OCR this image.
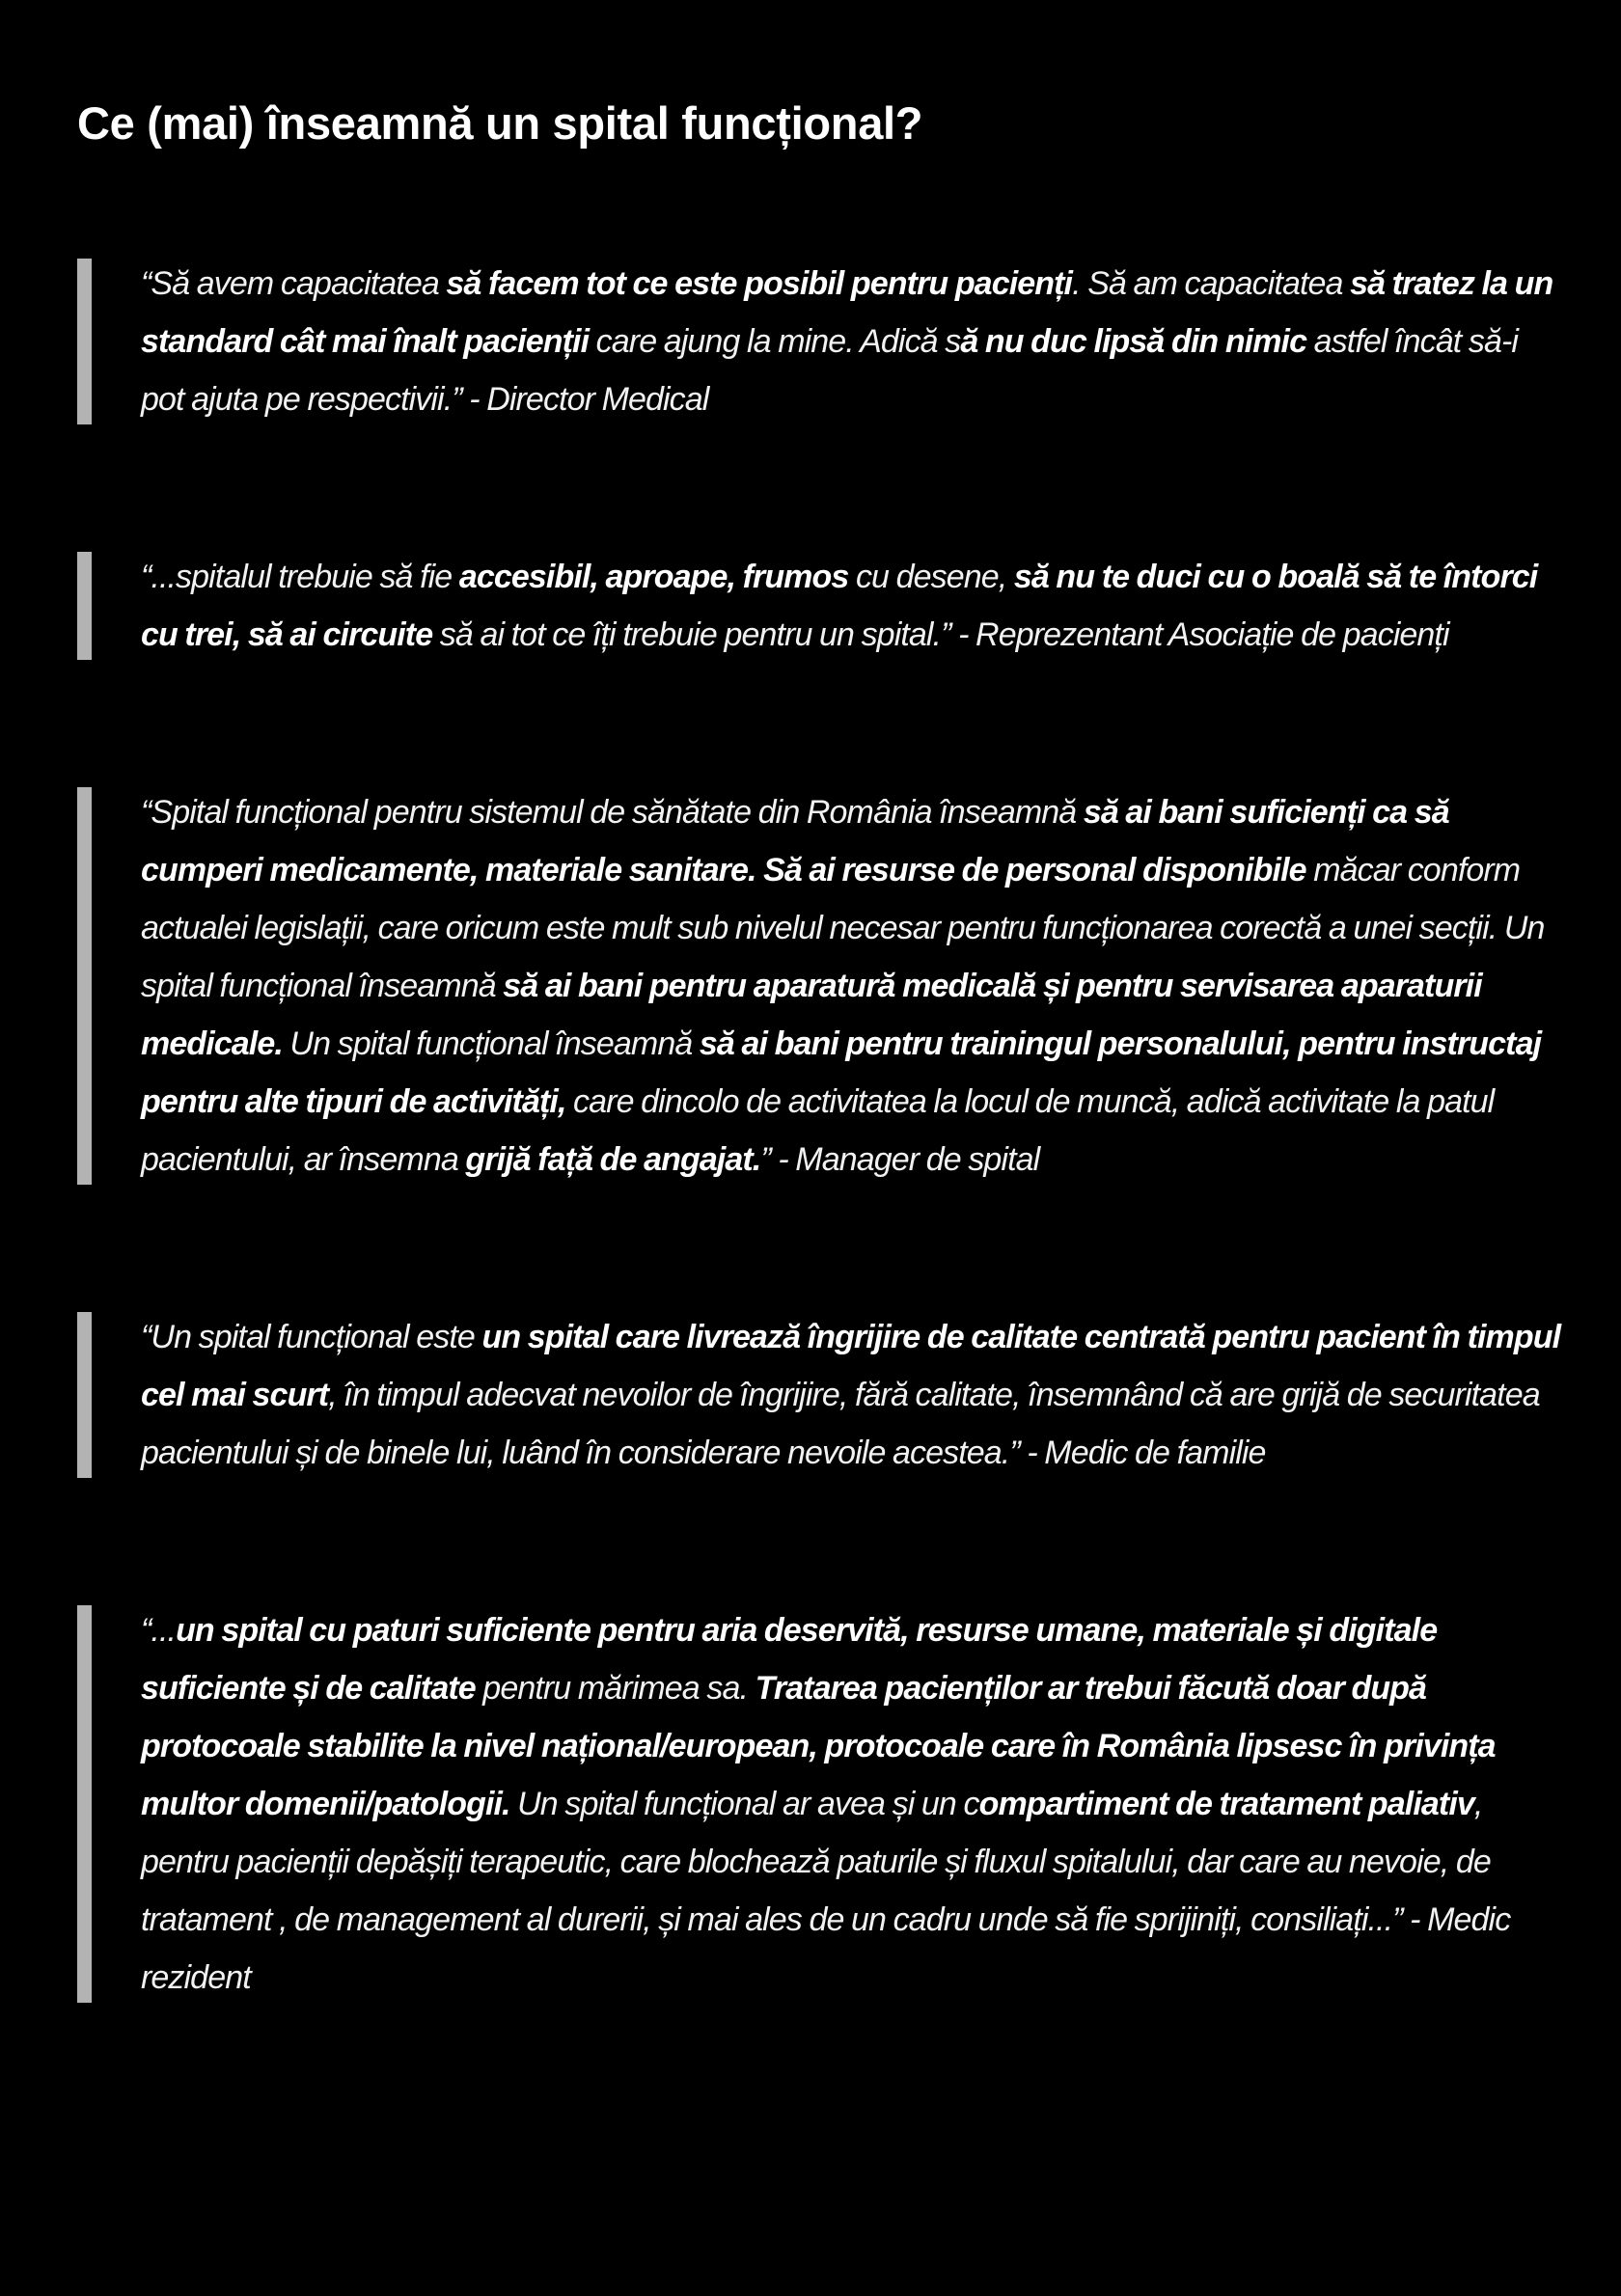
Ce (mai) înseamnă un spital funcțional?
“Să avem capacitatea să facem tot ce este posibil pentru pacienți. Să am capacitatea să tratez la un standard cât mai înalt pacienții care ajung la mine. Adică să nu duc lipsă din nimic astfel încât să-i pot ajuta pe respectivii.” - Director Medical
“...spitalul trebuie să fie accesibil, aproape, frumos cu desene, să nu te duci cu o boală să te întorci cu trei, să ai circuite să ai tot ce îți trebuie pentru un spital.” - Reprezentant Asociație de pacienți
“Spital funcțional pentru sistemul de sănătate din România înseamnă să ai bani suficienți ca să cumperi medicamente, materiale sanitare. Să ai resurse de personal disponibile măcar conform actualei legislații, care oricum este mult sub nivelul necesar pentru funcționarea corectă a unei secții. Un spital funcțional înseamnă să ai bani pentru aparatură medicală și pentru servisarea aparaturii medicale. Un spital funcțional înseamnă să ai bani pentru trainingul personalului, pentru instructaj pentru alte tipuri de activități, care dincolo de activitatea la locul de muncă, adică activitate la patul pacientului, ar însemna grijă față de angajat.” - Manager de spital
“Un spital funcțional este un spital care livrează îngrijire de calitate centrată pentru pacient în timpul cel mai scurt, în timpul adecvat nevoilor de îngrijire, fără calitate, însemnând că are grijă de securitatea pacientului și de binele lui, luând în considerare nevoile acestea.” - Medic de familie
“...un spital cu paturi suficiente pentru aria deservită, resurse umane, materiale și digitale suficiente și de calitate pentru mărimea sa. Tratarea pacienților ar trebui făcută doar după protocoale stabilite la nivel național/european, protocoale care în România lipsesc în privința multor domenii/patologii. Un spital funcțional ar avea și un compartiment de tratament paliativ, pentru pacienții depășiți terapeutic, care blochează paturile și fluxul spitalului, dar care au nevoie, de tratament , de management al durerii, și mai ales de un cadru unde să fie sprijiniți, consiliați...” - Medic rezident
